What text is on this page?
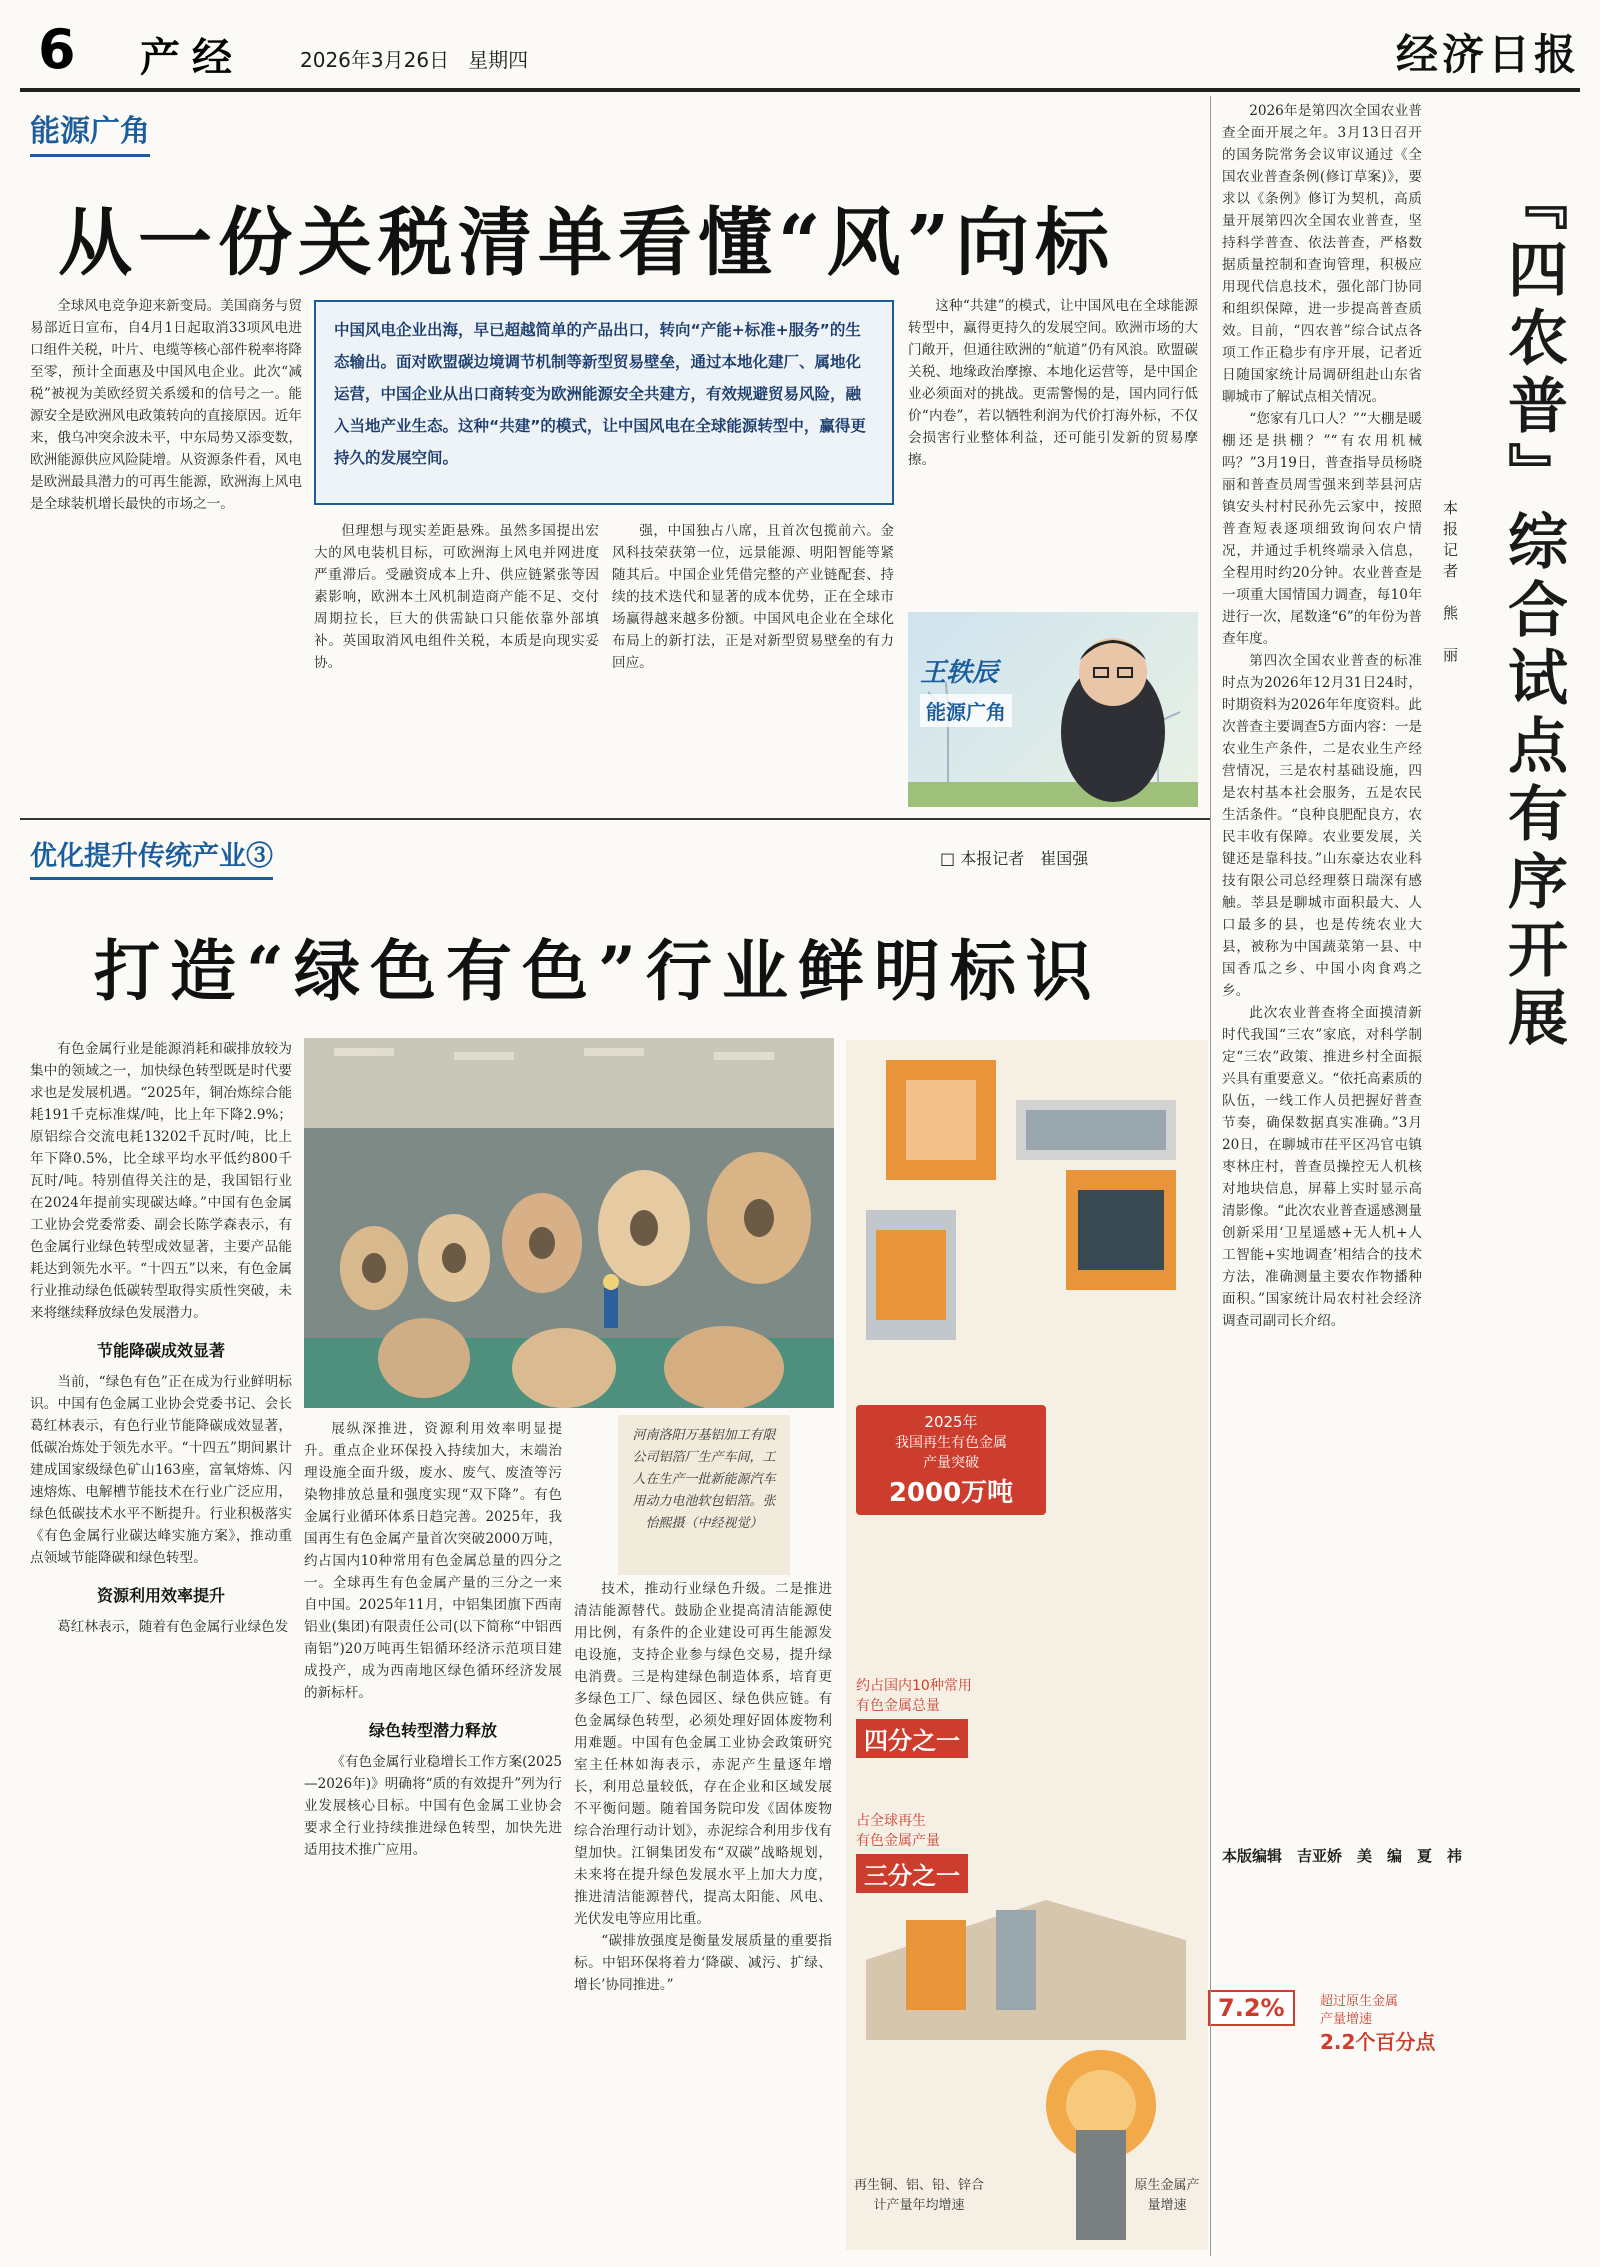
6 产经	2026年3月26日 星期四	经济日报
能源广角
从一份关税清单看懂“风”向标

全球风电竞争迎来新变局。美国商务与贸易部近日宣布，自4月1日起取消33项风电进口组件关税，叶片、电缆等核心部件税率将降至零，预计全面惠及中国风电企业。此次“减税”被视为美欧经贸关系缓和的信号之一。能源安全是欧洲风电政策转向的直接原因。近年来，俄乌冲突余波未平，中东局势又添变数，欧洲能源供应风险陡增。从资源条件看，风电是欧洲最具潜力的可再生能源，欧洲海上风电是全球装机增长最快的市场之一。

中国风电企业出海，早已超越简单的产品出口，转向“产能+标准+服务”的生态输出。面对欧盟碳边境调节机制等新型贸易壁垒，通过本地化建厂、属地化运营，中国企业从出口商转变为欧洲能源安全共建方，有效规避贸易风险，融入当地产业生态。这种“共建”的模式，让中国风电在全球能源转型中，赢得更持久的发展空间。

但理想与现实差距悬殊。虽然多国提出宏大的风电装机目标，可欧洲海上风电并网进度严重滞后。受融资成本上升、供应链紧张等因素影响，欧洲本土风机制造商产能不足、交付周期拉长，巨大的供需缺口只能依靠外部填补。英国取消风电组件关税，本质是向现实妥协。

强，中国独占八席，且首次包揽前六。金风科技荣获第一位，远景能源、明阳智能等紧随其后。中国企业凭借完整的产业链配套、持续的技术迭代和显著的成本优势，正在全球市场赢得越来越多份额。中国风电企业在全球化布局上的新打法，正是对新型贸易壁垒的有力回应。

这种“共建”的模式，让中国风电在全球能源转型中，赢得更持久的发展空间。欧洲市场的大门敞开，但通往欧洲的“航道”仍有风浪。欧盟碳关税、地缘政治摩擦、本地化运营等，是中国企业必须面对的挑战。更需警惕的是，国内同行低价“内卷”，若以牺牲利润为代价打海外标，不仅会损害行业整体利益，还可能引发新的贸易摩擦。

王轶辰
能源广角
优化提升传统产业③	□ 本报记者　崔国强
打造“绿色有色”行业鲜明标识

有色金属行业是能源消耗和碳排放较为集中的领域之一，加快绿色转型既是时代要求也是发展机遇。“2025年，铜冶炼综合能耗191千克标准煤/吨，比上年下降2.9%；原铝综合交流电耗13202千瓦时/吨，比上年下降0.5%，比全球平均水平低约800千瓦时/吨。特别值得关注的是，我国铝行业在2024年提前实现碳达峰。”中国有色金属工业协会党委常委、副会长陈学森表示，有色金属行业绿色转型成效显著，主要产品能耗达到领先水平。“十四五”以来，有色金属行业推动绿色低碳转型取得实质性突破，未来将继续释放绿色发展潜力。

节能降碳成效显著

当前，“绿色有色”正在成为行业鲜明标识。中国有色金属工业协会党委书记、会长葛红林表示，有色行业节能降碳成效显著，低碳冶炼处于领先水平。“十四五”期间累计建成国家级绿色矿山163座，富氧熔炼、闪速熔炼、电解槽节能技术在行业广泛应用，绿色低碳技术水平不断提升。行业积极落实《有色金属行业碳达峰实施方案》，推动重点领域节能降碳和绿色转型。

资源利用效率提升

葛红林表示，随着有色金属行业绿色发

展纵深推进，资源利用效率明显提升。重点企业环保投入持续加大，末端治理设施全面升级，废水、废气、废渣等污染物排放总量和强度实现“双下降”。有色金属行业循环体系日趋完善。2025年，我国再生有色金属产量首次突破2000万吨，约占国内10种常用有色金属总量的四分之一。全球再生有色金属产量的三分之一来自中国。2025年11月，中铝集团旗下西南铝业(集团)有限责任公司(以下简称“中铝西南铝”)20万吨再生铝循环经济示范项目建成投产，成为西南地区绿色循环经济发展的新标杆。

绿色转型潜力释放

《有色金属行业稳增长工作方案(2025—2026年)》明确将“质的有效提升”列为行业发展核心目标。中国有色金属工业协会要求全行业持续推进绿色转型，加快先进适用技术推广应用。

技术，推动行业绿色升级。二是推进清洁能源替代。鼓励企业提高清洁能源使用比例，有条件的企业建设可再生能源发电设施，支持企业参与绿色交易，提升绿电消费。三是构建绿色制造体系，培育更多绿色工厂、绿色园区、绿色供应链。有色金属绿色转型，必须处理好固体废物利用难题。中国有色金属工业协会政策研究室主任林如海表示，赤泥产生量逐年增长，利用总量较低，存在企业和区域发展不平衡问题。随着国务院印发《固体废物综合治理行动计划》，赤泥综合利用步伐有望加快。江铜集团发布“双碳”战略规划，未来将在提升绿色发展水平上加大力度，推进清洁能源替代，提高太阳能、风电、光伏发电等应用比重。

“碳排放强度是衡量发展质量的重要指标。中铝环保将着力‘降碳、减污、扩绿、增长’协同推进。”

河南洛阳万基铝加工有限公司铝箔厂生产车间，工人在生产一批新能源汽车用动力电池软包铝箔。张怡熙摄（中经视觉）
2025年
我国再生有色金属
产量突破
2000万吨
约占国内10种常用
有色金属总量
四分之一
占全球再生
有色金属产量
三分之一
再生铜、铝、铅、锌合计产量年均增速
原生金属产量增速
7.2%	超过原生金属
产量增速
2.2个百分点

2026年是第四次全国农业普查全面开展之年。3月13日召开的国务院常务会议审议通过《全国农业普查条例(修订草案)》，要求以《条例》修订为契机，高质量开展第四次全国农业普查，坚持科学普查、依法普查，严格数据质量控制和查询管理，积极应用现代信息技术，强化部门协同和组织保障，进一步提高普查质效。目前，“四农普”综合试点各项工作正稳步有序开展，记者近日随国家统计局调研组赴山东省聊城市了解试点相关情况。

“您家有几口人？”“大棚是暖棚还是拱棚？”“有农用机械吗？”3月19日，普查指导员杨晓丽和普查员周雪强来到莘县河店镇安头村村民孙先云家中，按照普查短表逐项细致询问农户情况，并通过手机终端录入信息，全程用时约20分钟。农业普查是一项重大国情国力调查，每10年进行一次，尾数逢“6”的年份为普查年度。

第四次全国农业普查的标准时点为2026年12月31日24时，时期资料为2026年年度资料。此次普查主要调查5方面内容：一是农业生产条件，二是农业生产经营情况，三是农村基础设施，四是农村基本社会服务，五是农民生活条件。“良种良肥配良方，农民丰收有保障。农业要发展，关键还是靠科技。”山东豪达农业科技有限公司总经理蔡日瑞深有感触。莘县是聊城市面积最大、人口最多的县，也是传统农业大县，被称为中国蔬菜第一县、中国香瓜之乡、中国小肉食鸡之乡。

此次农业普查将全面摸清新时代我国“三农”家底，对科学制定“三农”政策、推进乡村全面振兴具有重要意义。“依托高素质的队伍，一线工作人员把握好普查节奏，确保数据真实准确。”3月20日，在聊城市茌平区冯官屯镇枣林庄村，普查员操控无人机核对地块信息，屏幕上实时显示高清影像。“此次农业普查遥感测量创新采用‘卫星遥感+无人机+人工智能+实地调查’相结合的技术方法，准确测量主要农作物播种面积。”国家统计局农村社会经济调查司副司长介绍。

『四农普』综合试点有序开展
本报记者　熊　丽
本版编辑　吉亚娇　美　编　夏　祎
